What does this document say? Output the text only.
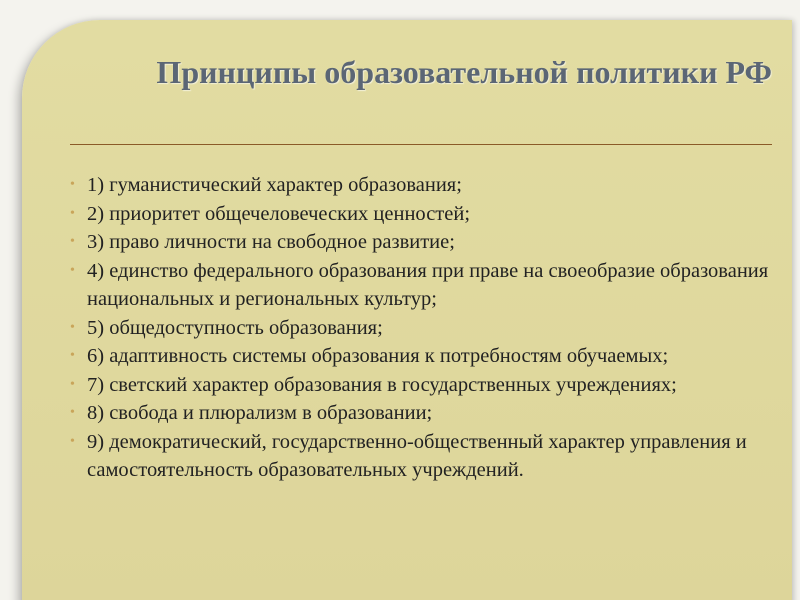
Принципы образовательной политики РФ
• 1) гуманистический характер образования;
• 2) приоритет общечеловеческих ценностей;
• 3) право личности на свободное развитие;
• 4) единство федерального образования при праве на своеобразие образования национальных и региональных культур;
• 5) общедоступность образования;
• 6) адаптивность системы образования к потребностям обучаемых;
• 7) светский характер образования в государственных учреждениях;
• 8) свобода и плюрализм в образовании;
• 9) демократический, государственно-общественный характер управления и самостоятельность образовательных учреждений.
